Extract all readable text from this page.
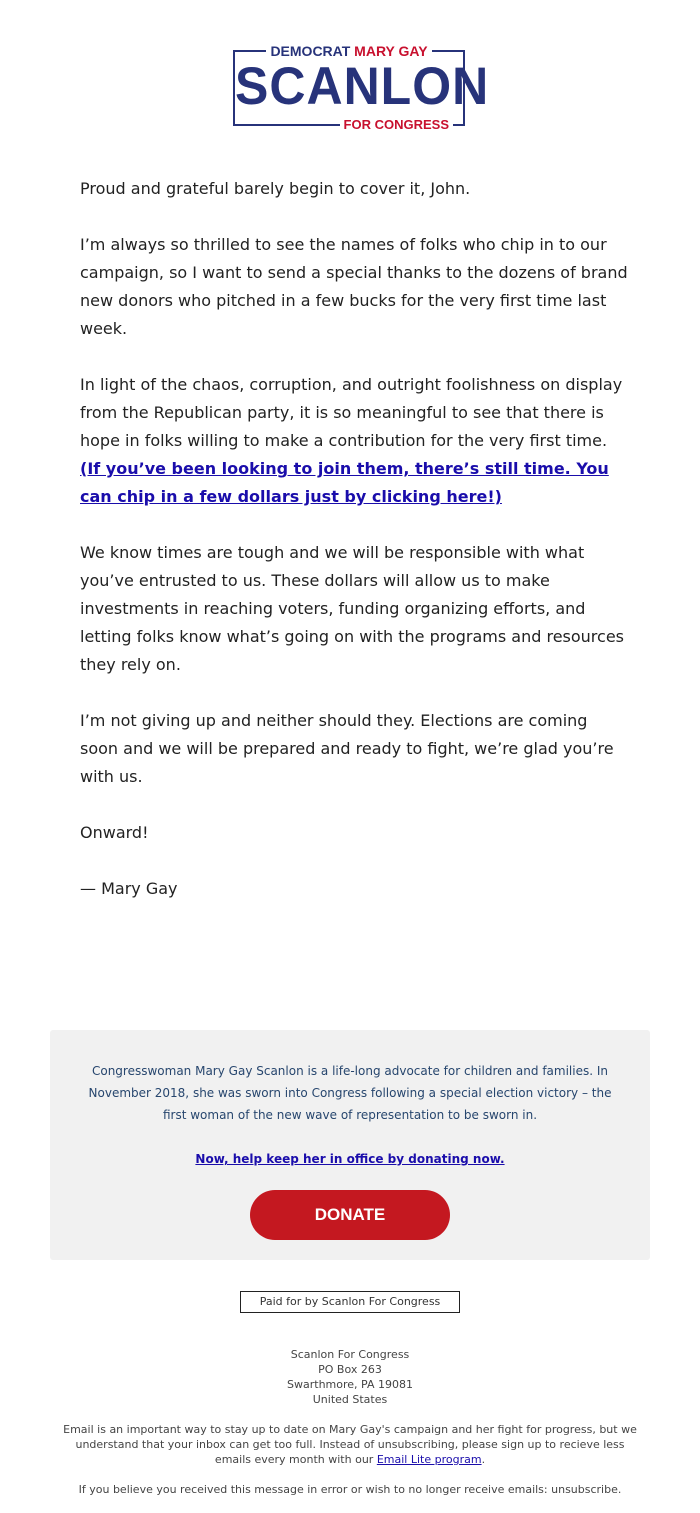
DEMOCRAT MARY GAY
SCANLON
FOR CONGRESS

Proud and grateful barely begin to cover it, John.

I’m always so thrilled to see the names of folks who chip in to our campaign, so I want to send a special thanks to the dozens of brand new donors who pitched in a few bucks for the very first time last week.

In light of the chaos, corruption, and outright foolishness on display from the Republican party, it is so meaningful to see that there is hope in folks willing to make a contribution for the very first time. (If you’ve been looking to join them, there’s still time. You can chip in a few dollars just by clicking here!)

We know times are tough and we will be responsible with what you’ve entrusted to us. These dollars will allow us to make investments in reaching voters, funding organizing efforts, and letting folks know what’s going on with the programs and resources they rely on.

I’m not giving up and neither should they. Elections are coming soon and we will be prepared and ready to fight, we’re glad you’re with us.

Onward!

— Mary Gay

Congresswoman Mary Gay Scanlon is a life-long advocate for children and families. In November 2018, she was sworn into Congress following a special election victory – the first woman of the new wave of representation to be sworn in.
Now, help keep her in office by donating now.
DONATE
Paid for by Scanlon For Congress
Scanlon For Congress
PO Box 263
Swarthmore, PA 19081
United States
Email is an important way to stay up to date on Mary Gay's campaign and her fight for progress, but we understand that your inbox can get too full. Instead of unsubscribing, please sign up to recieve less emails every month with our Email Lite program.
If you believe you received this message in error or wish to no longer receive emails: unsubscribe.
